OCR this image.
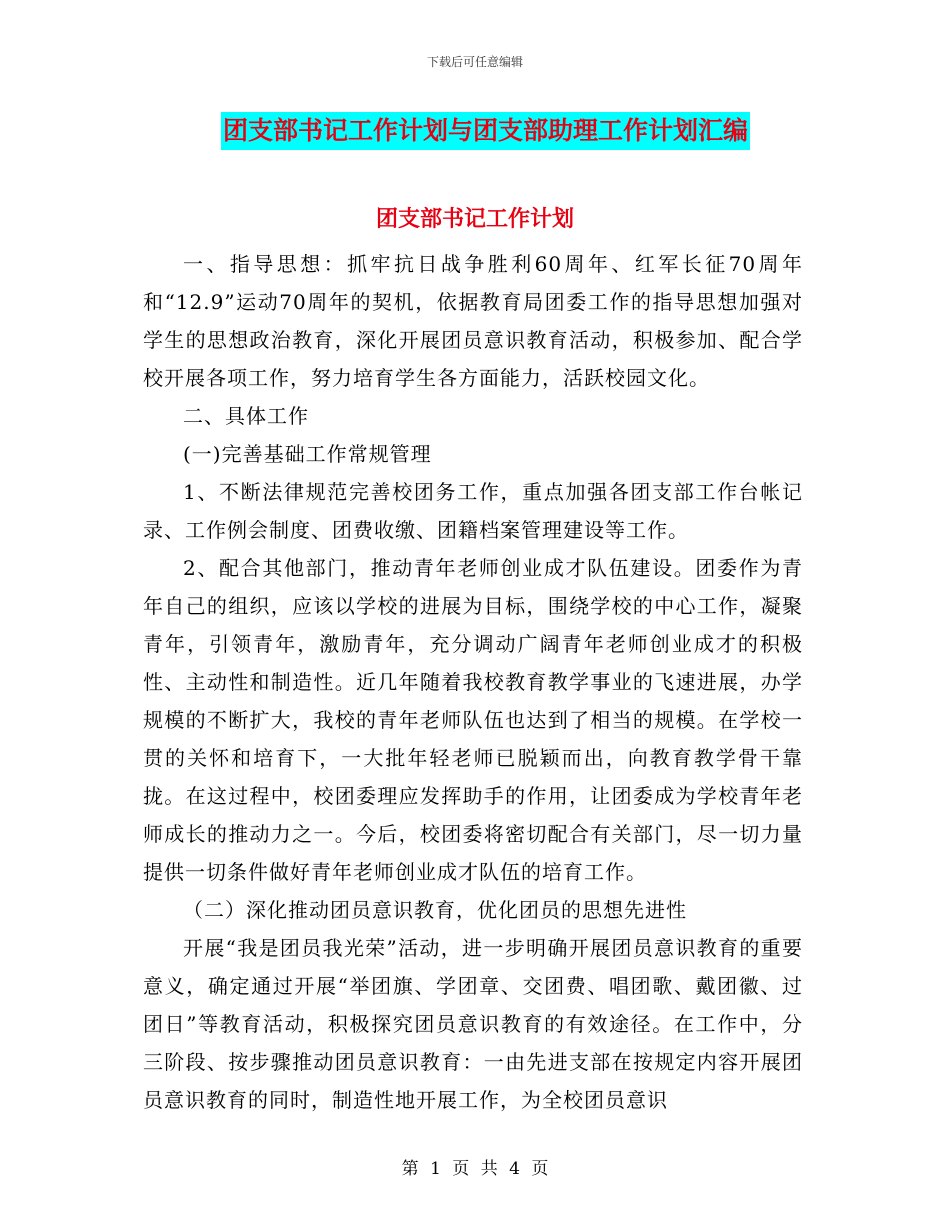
下载后可任意编辑
团支部书记工作计划与团支部助理工作计划汇编
团支部书记工作计划

一、指导思想：抓牢抗日战争胜利60周年、红军长征70周年和“12.9”运动70周年的契机，依据教育局团委工作的指导思想加强对学生的思想政治教育，深化开展团员意识教育活动，积极参加、配合学校开展各项工作，努力培育学生各方面能力，活跃校园文化。

二、具体工作

(一)完善基础工作常规管理

1、不断法律规范完善校团务工作，重点加强各团支部工作台帐记录、工作例会制度、团费收缴、团籍档案管理建设等工作。

2、配合其他部门，推动青年老师创业成才队伍建设。团委作为青年自己的组织，应该以学校的进展为目标，围绕学校的中心工作，凝聚青年，引领青年，激励青年，充分调动广阔青年老师创业成才的积极性、主动性和制造性。近几年随着我校教育教学事业的飞速进展，办学规模的不断扩大，我校的青年老师队伍也达到了相当的规模。在学校一贯的关怀和培育下，一大批年轻老师已脱颖而出，向教育教学骨干靠拢。在这过程中，校团委理应发挥助手的作用，让团委成为学校青年老师成长的推动力之一。今后，校团委将密切配合有关部门，尽一切力量提供一切条件做好青年老师创业成才队伍的培育工作。

（二）深化推动团员意识教育，优化团员的思想先进性

开展“我是团员我光荣”活动，进一步明确开展团员意识教育的重要意义，确定通过开展“举团旗、学团章、交团费、唱团歌、戴团徽、过团日”等教育活动，积极探究团员意识教育的有效途径。在工作中，分三阶段、按步骤推动团员意识教育：一由先进支部在按规定内容开展团员意识教育的同时，制造性地开展工作，为全校团员意识

第 1 页 共 4 页
